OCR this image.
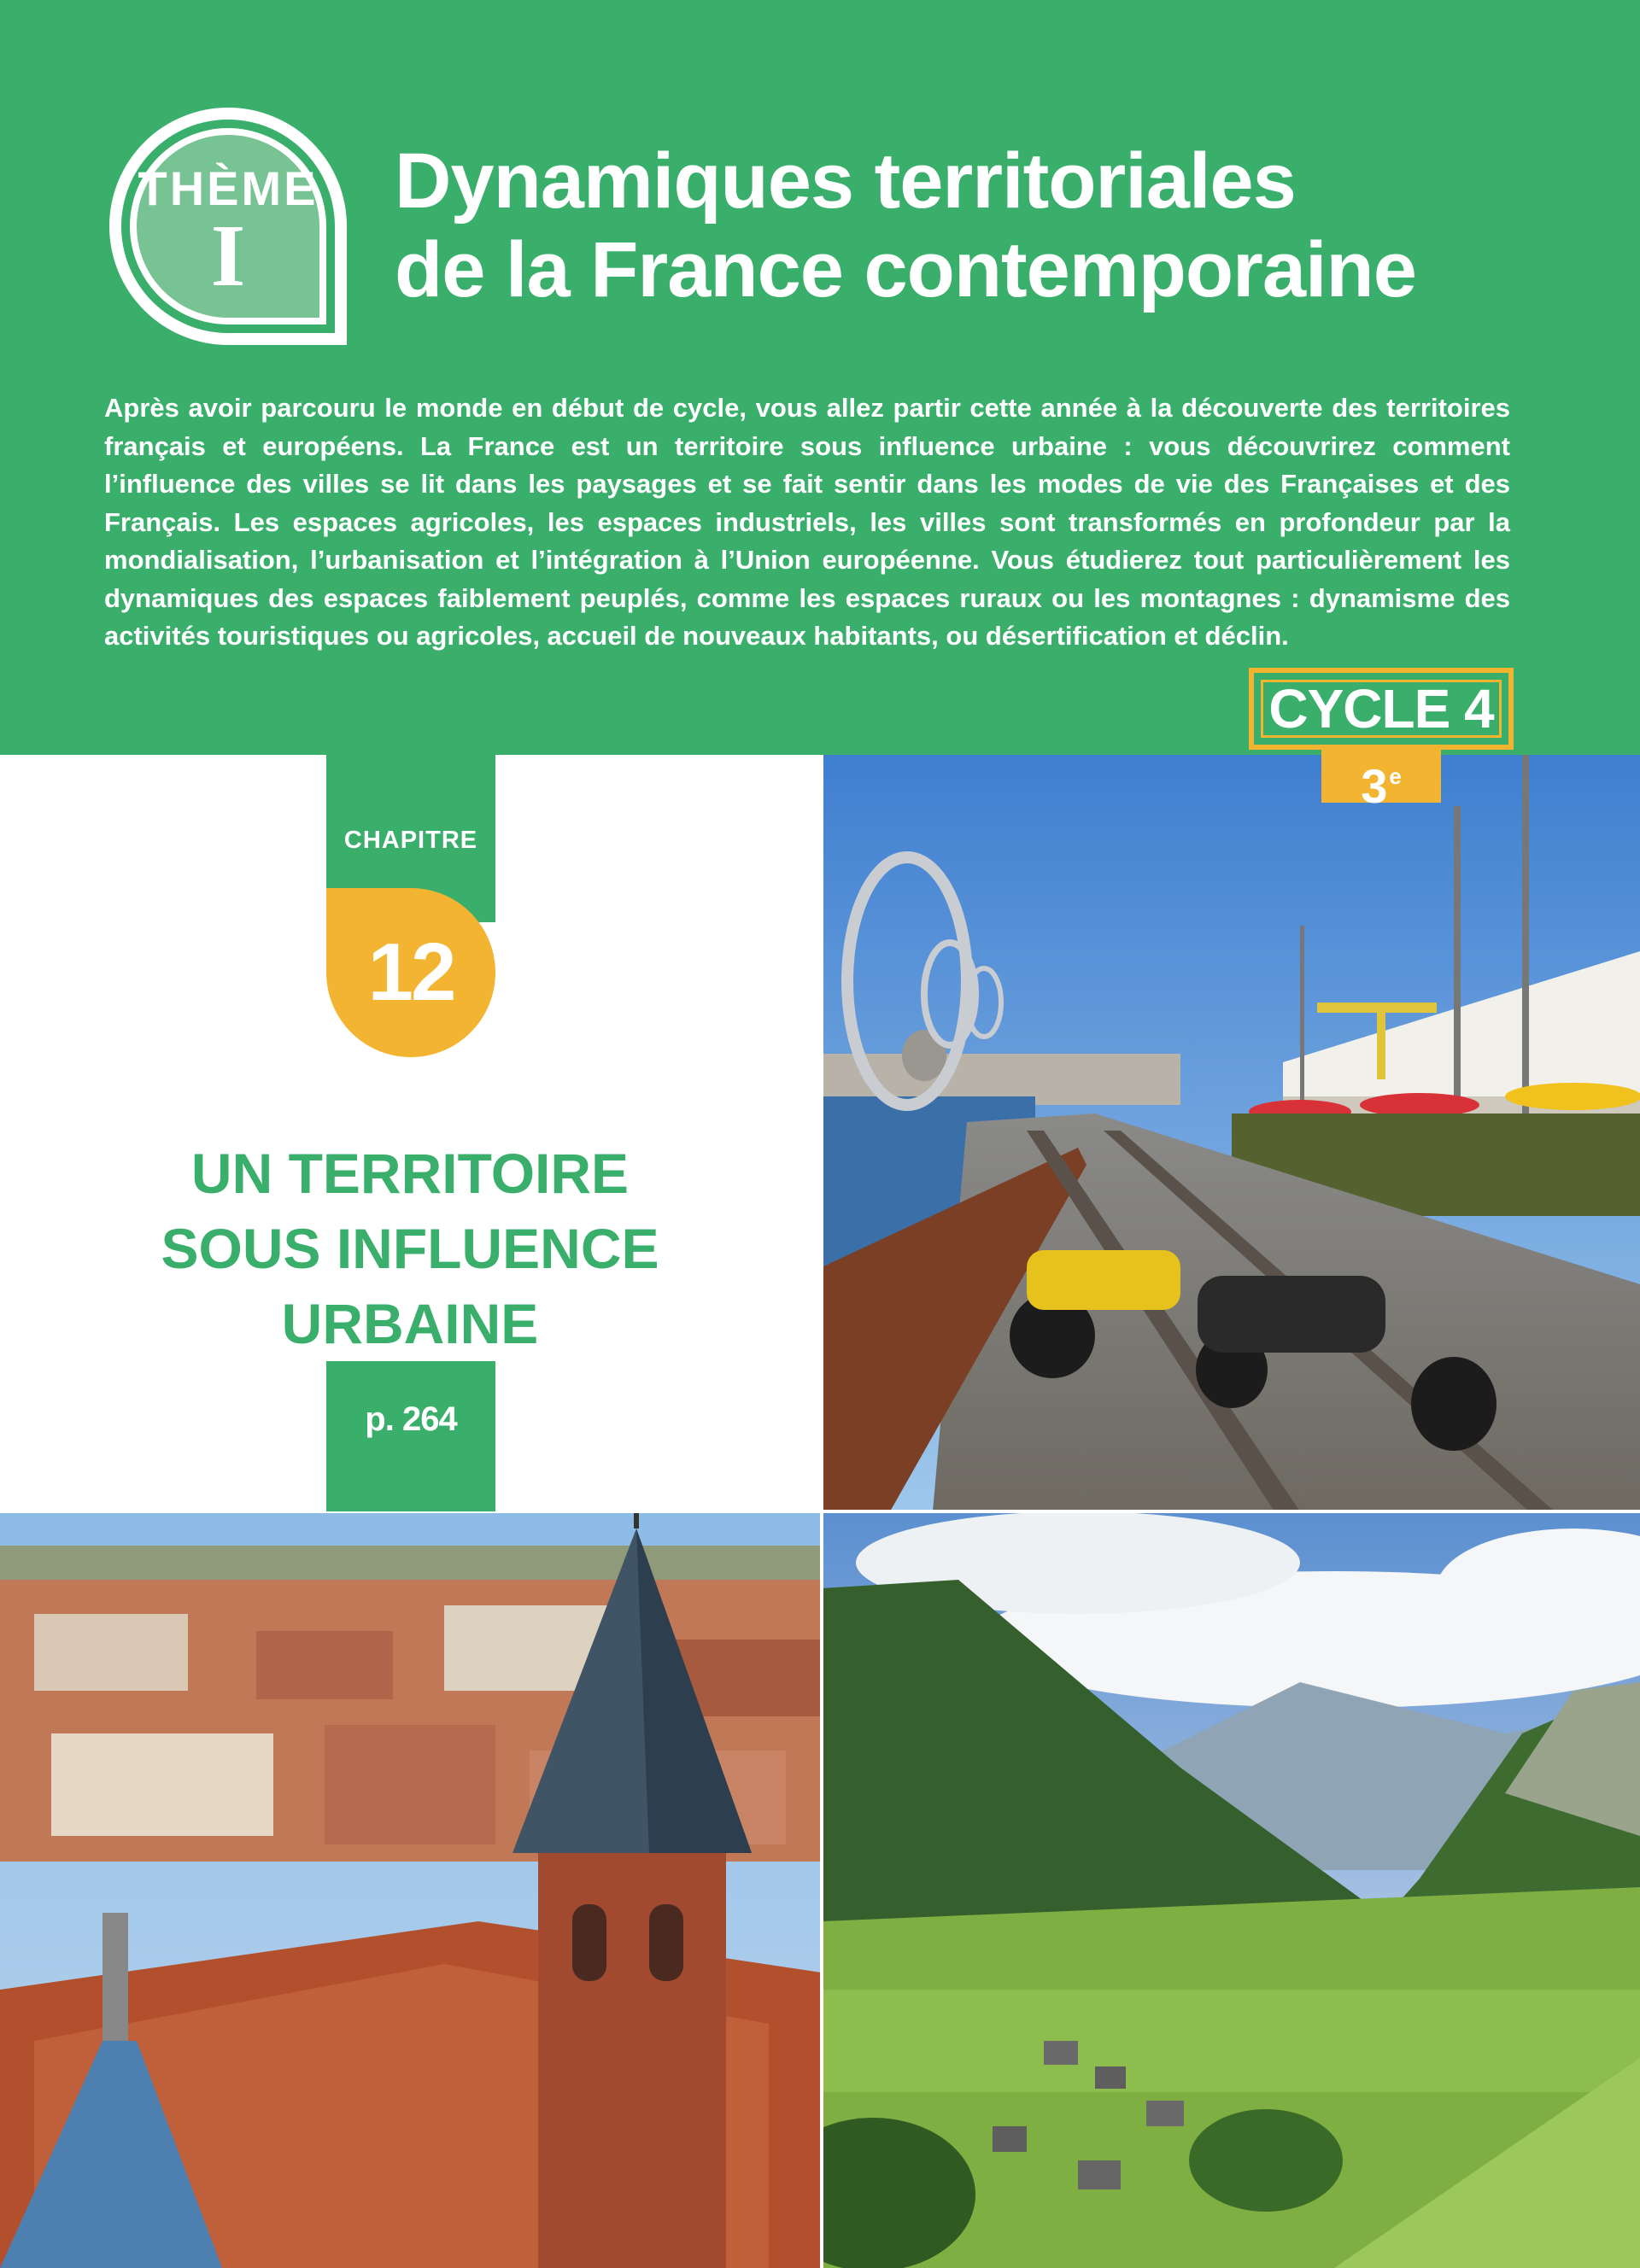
THÈME
I
Dynamiques territoriales
de la France contemporaine
Après avoir parcouru le monde en début de cycle, vous allez partir cette année à la découverte des territoires français et européens. La France est un territoire sous influence urbaine : vous découvrirez comment l’influence des villes se lit dans les paysages et se fait sentir dans les modes de vie des Françaises et des Français. Les espaces agricoles, les espaces industriels, les villes sont transformés en profondeur par la mondialisation, l’urbanisation et l’intégration à l’Union européenne. Vous étudierez tout particulièrement les dynamiques des espaces faiblement peuplés, comme les espaces ruraux ou les montagnes : dynamisme des activités touristiques ou agricoles, accueil de nouveaux habitants, ou désertification et déclin.
CYCLE 4
3e
CHAPITRE
12
UN TERRITOIRE
SOUS INFLUENCE URBAINE
p. 264
